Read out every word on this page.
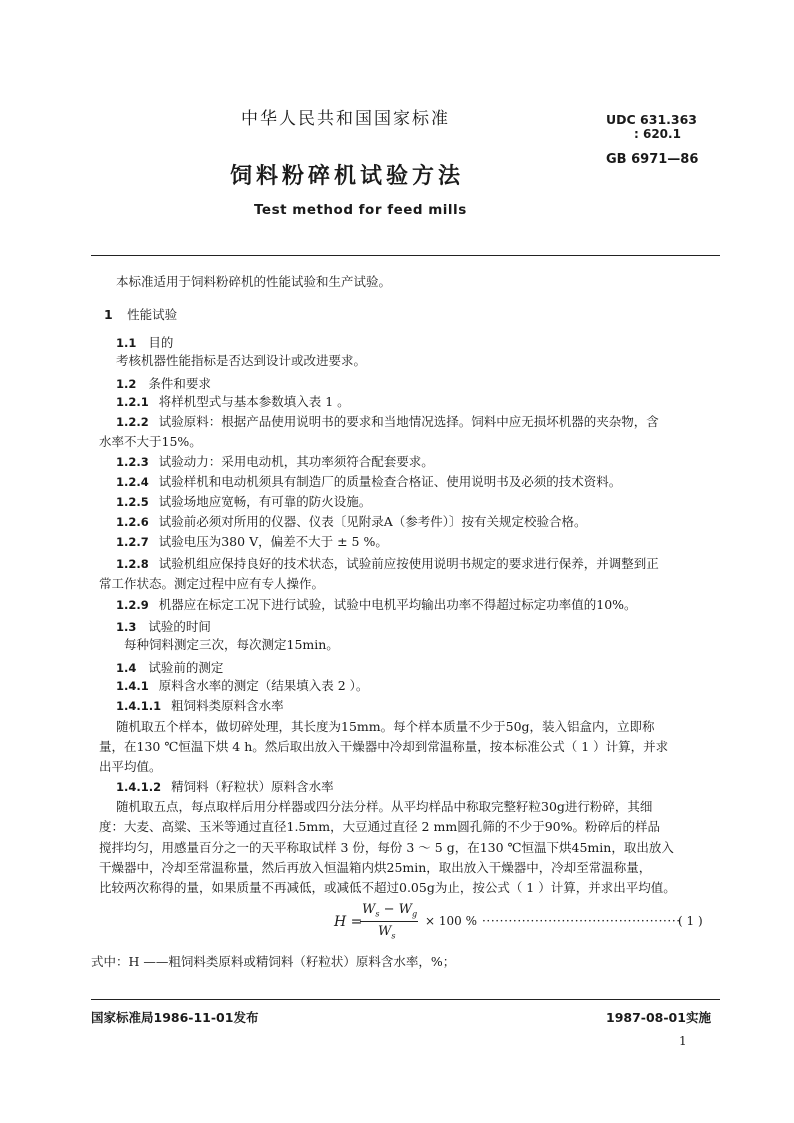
中华人民共和国国家标准	UDC 631.363
: 620.1
GB 6971—86
饲料粉碎机试验方法
Test method for feed mills
本标准适用于饲料粉碎机的性能试验和生产试验。
1 性能试验
1.1 目的
考核机器性能指标是否达到设计或改进要求。
1.2 条件和要求
1.2.1 将样机型式与基本参数填入表 1 。
1.2.2 试验原料：根据产品使用说明书的要求和当地情况选择。饲料中应无损坏机器的夹杂物，含
水率不大于15%。
1.2.3 试验动力：采用电动机，其功率须符合配套要求。
1.2.4 试验样机和电动机须具有制造厂的质量检查合格证、使用说明书及必须的技术资料。
1.2.5 试验场地应宽畅，有可靠的防火设施。
1.2.6 试验前必须对所用的仪器、仪表〔见附录A（参考件）〕按有关规定校验合格。
1.2.7 试验电压为380 V，偏差不大于 ± 5 %。
1.2.8 试验机组应保持良好的技术状态，试验前应按使用说明书规定的要求进行保养，并调整到正
常工作状态。测定过程中应有专人操作。
1.2.9 机器应在标定工况下进行试验，试验中电机平均输出功率不得超过标定功率值的10%。
1.3 试验的时间
每种饲料测定三次，每次测定15min。
1.4 试验前的测定
1.4.1 原料含水率的测定（结果填入表 2 ）。
1.4.1.1 粗饲料类原料含水率
随机取五个样本，做切碎处理，其长度为15mm。每个样本质量不少于50g，装入铝盒内，立即称
量，在130 ℃恒温下烘 4 h。然后取出放入干燥器中冷却到常温称量，按本标准公式（ 1 ）计算，并求
出平均值。
1.4.1.2 精饲料（籽粒状）原料含水率
随机取五点，每点取样后用分样器或四分法分样。从平均样品中称取完整籽粒30g进行粉碎，其细
度：大麦、高粱、玉米等通过直径1.5mm，大豆通过直径 2 mm圆孔筛的不少于90%。粉碎后的样品
搅拌均匀，用感量百分之一的天平称取试样 3 份，每份 3 ～ 5 g，在130 ℃恒温下烘45min，取出放入
干燥器中，冷却至常温称量，然后再放入恒温箱内烘25min，取出放入干燥器中，冷却至常温称量，
比较两次称得的量，如果质量不再减低，或减低不超过0.05g为止，按公式（ 1 ）计算，并求出平均值。
H =
$W_s - W_g$
$W_s$
× 100 % ·············································
( 1 )
式中：H ——粗饲料类原料或精饲料（籽粒状）原料含水率，%；
国家标准局1986-11-01发布	1987-08-01实施
1
